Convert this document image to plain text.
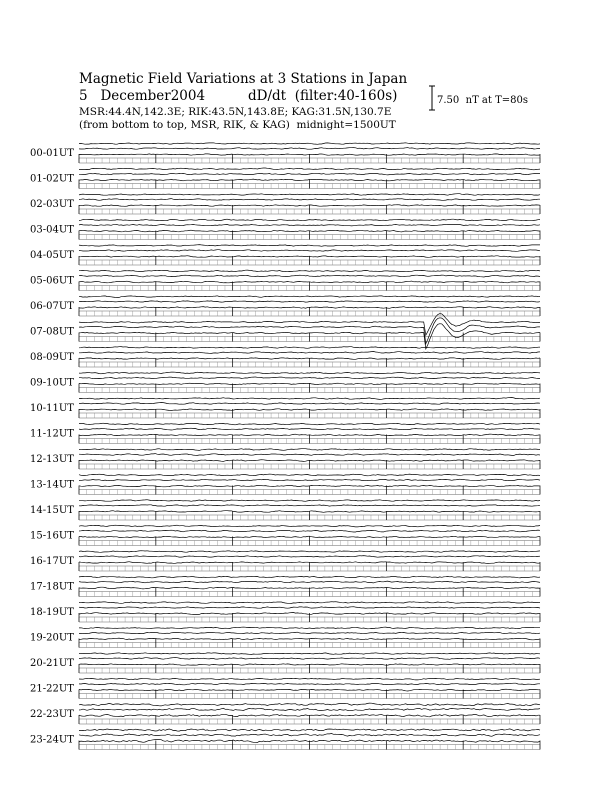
Magnetic Field Variations at 3 Stations in Japan
5 December2004	dD/dt (filter:40-160s)
MSR:44.4N,142.3E; RIK:43.5N,143.8E; KAG:31.5N,130.7E
(from bottom to top, MSR, RIK, & KAG) midnight=1500UT
7.50  nT at T=80s
00-01UT
01-02UT
02-03UT
03-04UT
04-05UT
05-06UT
06-07UT
07-08UT
08-09UT
09-10UT
10-11UT
11-12UT
12-13UT
13-14UT
14-15UT
15-16UT
16-17UT
17-18UT
18-19UT
19-20UT
20-21UT
21-22UT
22-23UT
23-24UT
